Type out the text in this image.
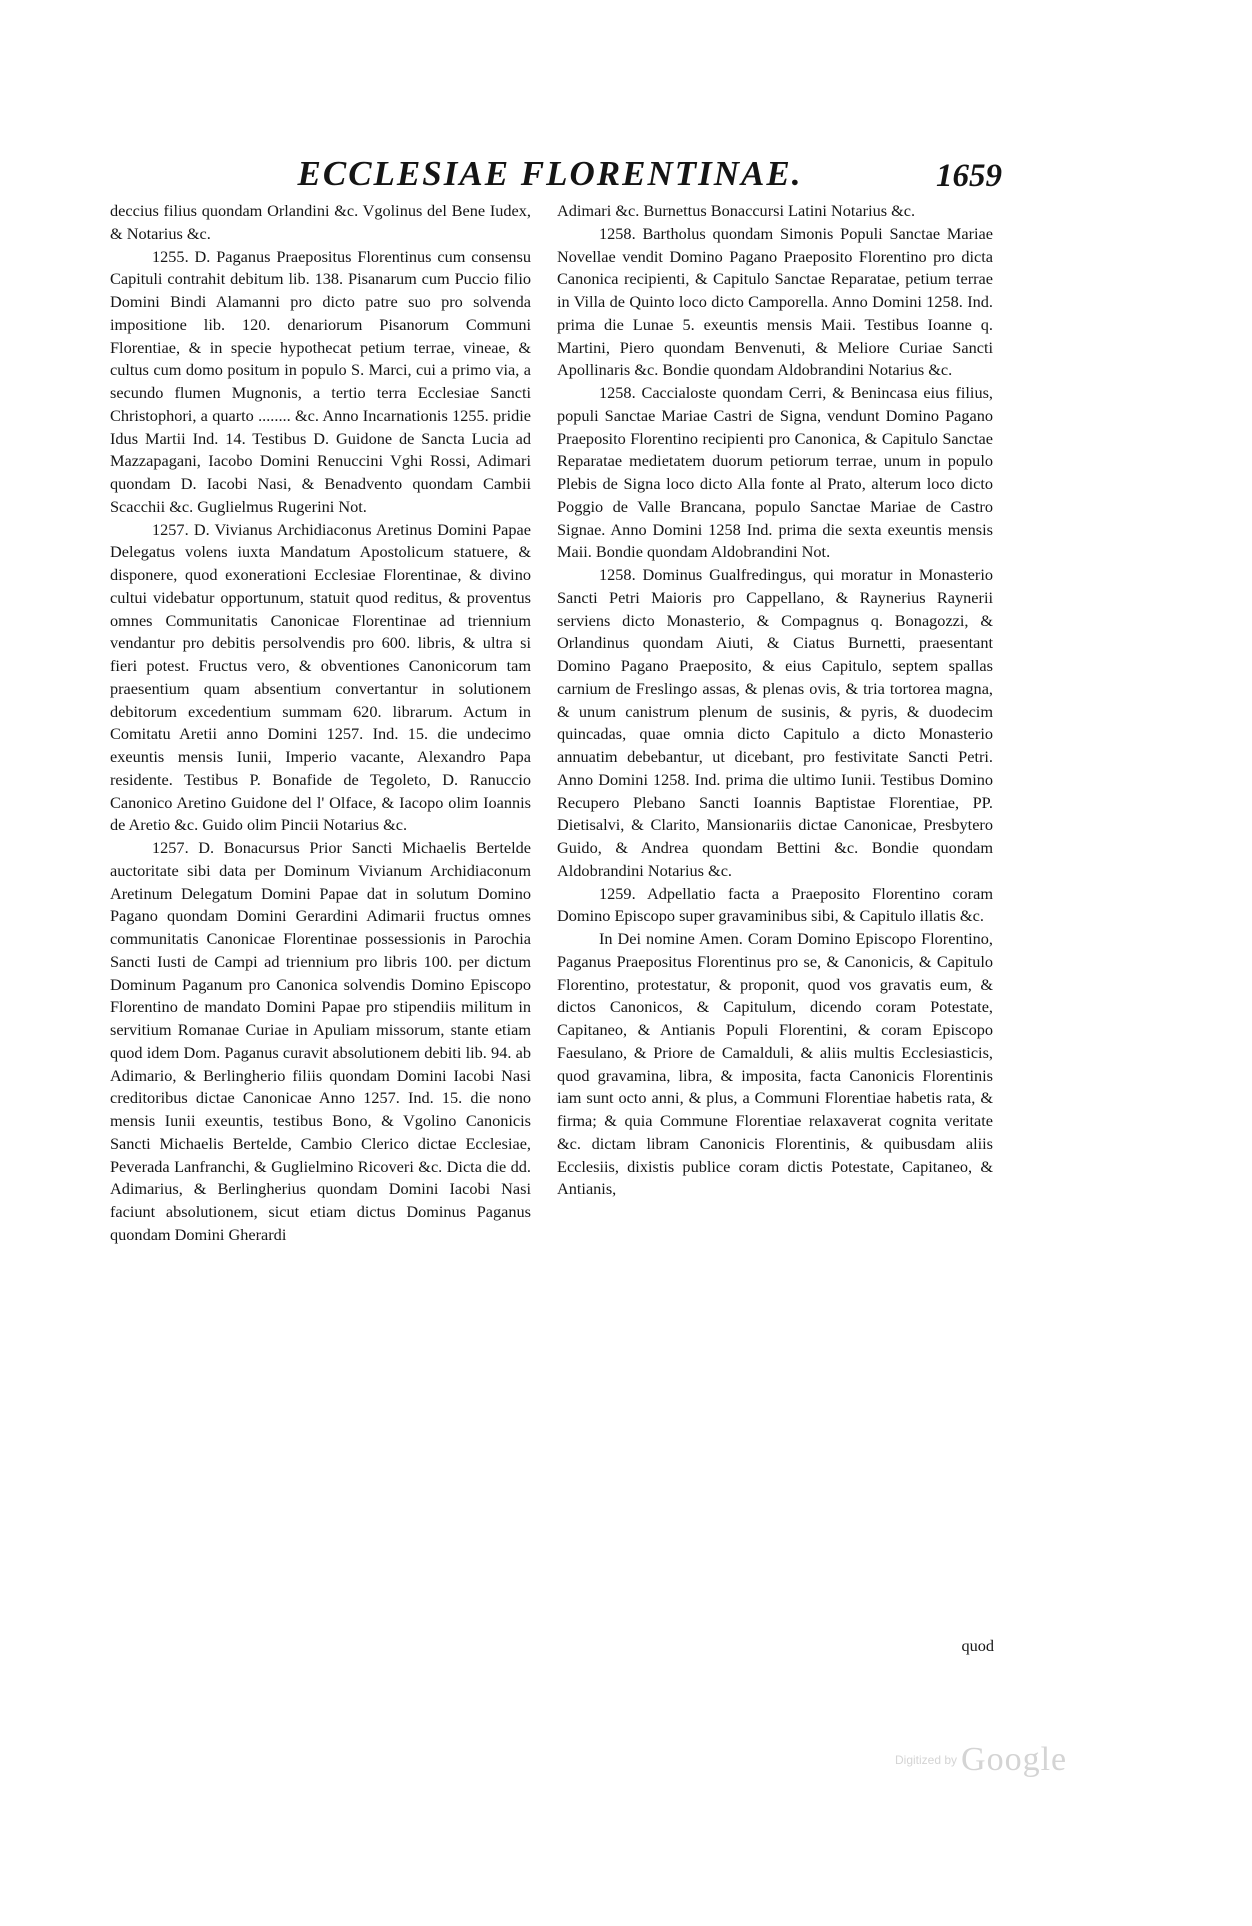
ECCLESIAE FLORENTINAE.	1659

deccius filius quondam Orlandini &c. Vgolinus del Bene Iudex, & Notarius &c.

1255. D. Paganus Praepositus Florentinus cum consensu Capituli contrahit debitum lib. 138. Pisanarum cum Puccio filio Domini Bindi Alamanni pro dicto patre suo pro solvenda impositione lib. 120. denariorum Pisanorum Communi Florentiae, & in specie hypothecat petium terrae, vineae, & cultus cum domo positum in populo S. Marci, cui a primo via, a secundo flumen Mugnonis, a tertio terra Ecclesiae Sancti Christophori, a quarto ........ &c. Anno Incarnationis 1255. pridie Idus Martii Ind. 14. Testibus D. Guidone de Sancta Lucia ad Mazzapagani, Iacobo Domini Renuccini Vghi Rossi, Adimari quondam D. Iacobi Nasi, & Benadvento quondam Cambii Scacchii &c. Guglielmus Rugerini Not.

1257. D. Vivianus Archidiaconus Aretinus Domini Papae Delegatus volens iuxta Mandatum Apostolicum statuere, & disponere, quod exonerationi Ecclesiae Florentinae, & divino cultui videbatur opportunum, statuit quod reditus, & proventus omnes Communitatis Canonicae Florentinae ad triennium vendantur pro debitis persolvendis pro 600. libris, & ultra si fieri potest. Fructus vero, & obventiones Canonicorum tam praesentium quam absentium convertantur in solutionem debitorum excedentium summam 620. librarum. Actum in Comitatu Aretii anno Domini 1257. Ind. 15. die undecimo exeuntis mensis Iunii, Imperio vacante, Alexandro Papa residente. Testibus P. Bonafide de Tegoleto, D. Ranuccio Canonico Aretino Guidone del l' Olface, & Iacopo olim Ioannis de Aretio &c. Guido olim Pincii Notarius &c.

1257. D. Bonacursus Prior Sancti Michaelis Bertelde auctoritate sibi data per Dominum Vivianum Archidiaconum Aretinum Delegatum Domini Papae dat in solutum Domino Pagano quondam Domini Gerardini Adimarii fructus omnes communitatis Canonicae Florentinae possessionis in Parochia Sancti Iusti de Campi ad triennium pro libris 100. per dictum Dominum Paganum pro Canonica solvendis Domino Episcopo Florentino de mandato Domini Papae pro stipendiis militum in servitium Romanae Curiae in Apuliam missorum, stante etiam quod idem Dom. Paganus curavit absolutionem debiti lib. 94. ab Adimario, & Berlingherio filiis quondam Domini Iacobi Nasi creditoribus dictae Canonicae Anno 1257. Ind. 15. die nono mensis Iunii exeuntis, testibus Bono, & Vgolino Canonicis Sancti Michaelis Bertelde, Cambio Clerico dictae Ecclesiae, Peverada Lanfranchi, & Guglielmino Ricoveri &c. Dicta die dd. Adimarius, & Berlingherius quondam Domini Iacobi Nasi faciunt absolutionem, sicut etiam dictus Dominus Paganus quondam Domini Gherardi

Adimari &c. Burnettus Bonaccursi Latini Notarius &c.

1258. Bartholus quondam Simonis Populi Sanctae Mariae Novellae vendit Domino Pagano Praeposito Florentino pro dicta Canonica recipienti, & Capitulo Sanctae Reparatae, petium terrae in Villa de Quinto loco dicto Camporella. Anno Domini 1258. Ind. prima die Lunae 5. exeuntis mensis Maii. Testibus Ioanne q. Martini, Piero quondam Benvenuti, & Meliore Curiae Sancti Apollinaris &c. Bondie quondam Aldobrandini Notarius &c.

1258. Caccialoste quondam Cerri, & Benincasa eius filius, populi Sanctae Mariae Castri de Signa, vendunt Domino Pagano Praeposito Florentino recipienti pro Canonica, & Capitulo Sanctae Reparatae medietatem duorum petiorum terrae, unum in populo Plebis de Signa loco dicto Alla fonte al Prato, alterum loco dicto Poggio de Valle Brancana, populo Sanctae Mariae de Castro Signae. Anno Domini 1258 Ind. prima die sexta exeuntis mensis Maii. Bondie quondam Aldobrandini Not.

1258. Dominus Gualfredingus, qui moratur in Monasterio Sancti Petri Maioris pro Cappellano, & Raynerius Raynerii serviens dicto Monasterio, & Compagnus q. Bonagozzi, & Orlandinus quondam Aiuti, & Ciatus Burnetti, praesentant Domino Pagano Praeposito, & eius Capitulo, septem spallas carnium de Freslingo assas, & plenas ovis, & tria tortorea magna, & unum canistrum plenum de susinis, & pyris, & duodecim quincadas, quae omnia dicto Capitulo a dicto Monasterio annuatim debebantur, ut dicebant, pro festivitate Sancti Petri. Anno Domini 1258. Ind. prima die ultimo Iunii. Testibus Domino Recupero Plebano Sancti Ioannis Baptistae Florentiae, PP. Dietisalvi, & Clarito, Mansionariis dictae Canonicae, Presbytero Guido, & Andrea quondam Bettini &c. Bondie quondam Aldobrandini Notarius &c.

1259. Adpellatio facta a Praeposito Florentino coram Domino Episcopo super gravaminibus sibi, & Capitulo illatis &c.

In Dei nomine Amen. Coram Domino Episcopo Florentino, Paganus Praepositus Florentinus pro se, & Canonicis, & Capitulo Florentino, protestatur, & proponit, quod vos gravatis eum, & dictos Canonicos, & Capitulum, dicendo coram Potestate, Capitaneo, & Antianis Populi Florentini, & coram Episcopo Faesulano, & Priore de Camalduli, & aliis multis Ecclesiasticis, quod gravamina, libra, & imposita, facta Canonicis Florentinis iam sunt octo anni, & plus, a Communi Florentiae habetis rata, & firma; & quia Commune Florentiae relaxaverat cognita veritate &c. dictam libram Canonicis Florentinis, & quibusdam aliis Ecclesiis, dixistis publice coram dictis Potestate, Capitaneo, & Antianis,

quod
Digitized by Google
